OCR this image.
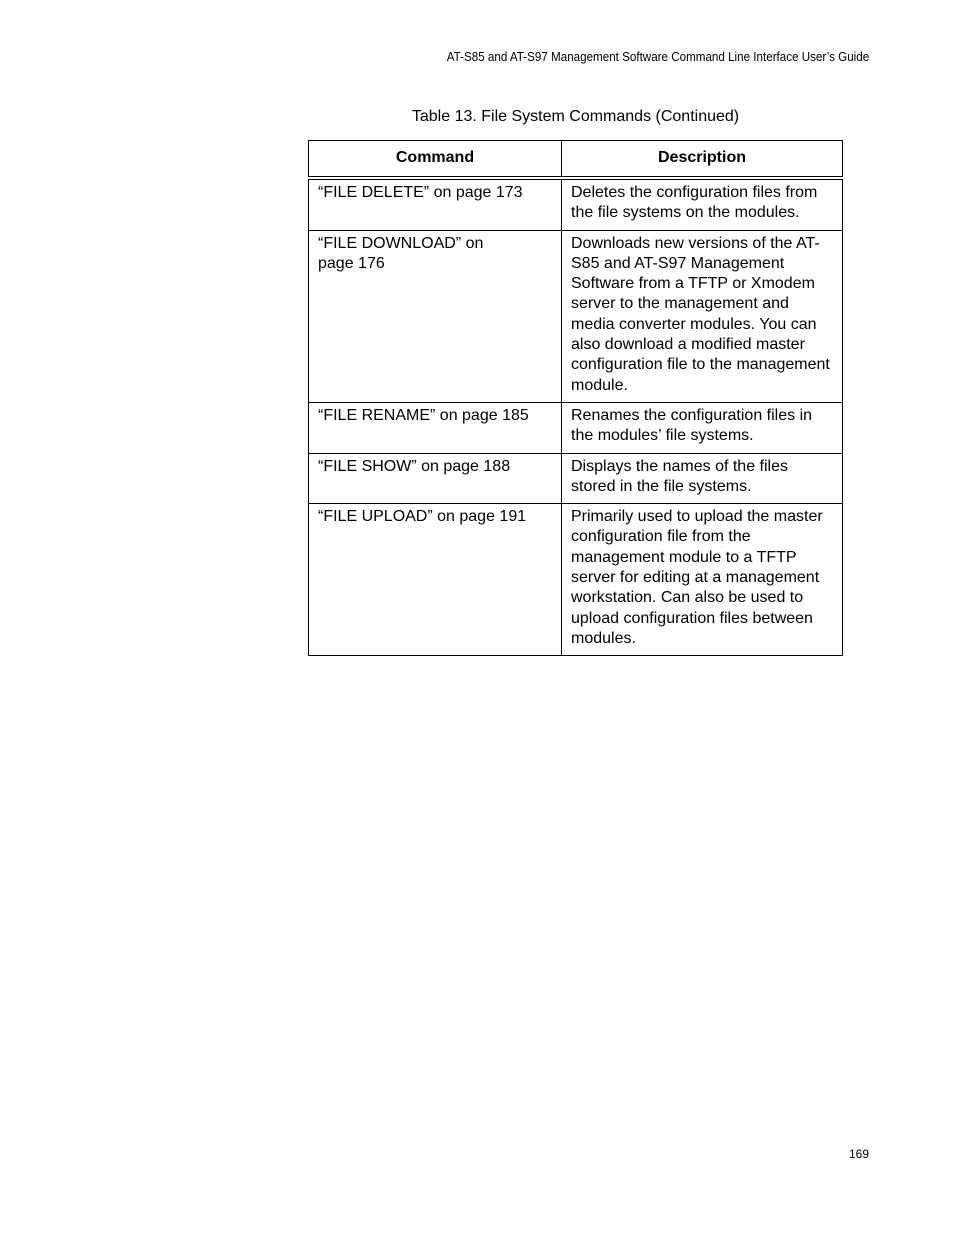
AT-S85 and AT-S97 Management Software Command Line Interface User’s Guide
Table 13. File System Commands (Continued)
Command	Description
“FILE DELETE” on page 173	Deletes the configuration files from the file systems on the modules.
“FILE DOWNLOAD” on page 176	Downloads new versions of the AT-S85 and AT-S97 Management Software from a TFTP or Xmodem server to the management and media converter modules. You can also download a modified master configuration file to the management module.
“FILE RENAME” on page 185	Renames the configuration files in the modules’ file systems.
“FILE SHOW” on page 188	Displays the names of the files stored in the file systems.
“FILE UPLOAD” on page 191	Primarily used to upload the master configuration file from the management module to a TFTP server for editing at a management workstation. Can also be used to upload configuration files between modules.
169
